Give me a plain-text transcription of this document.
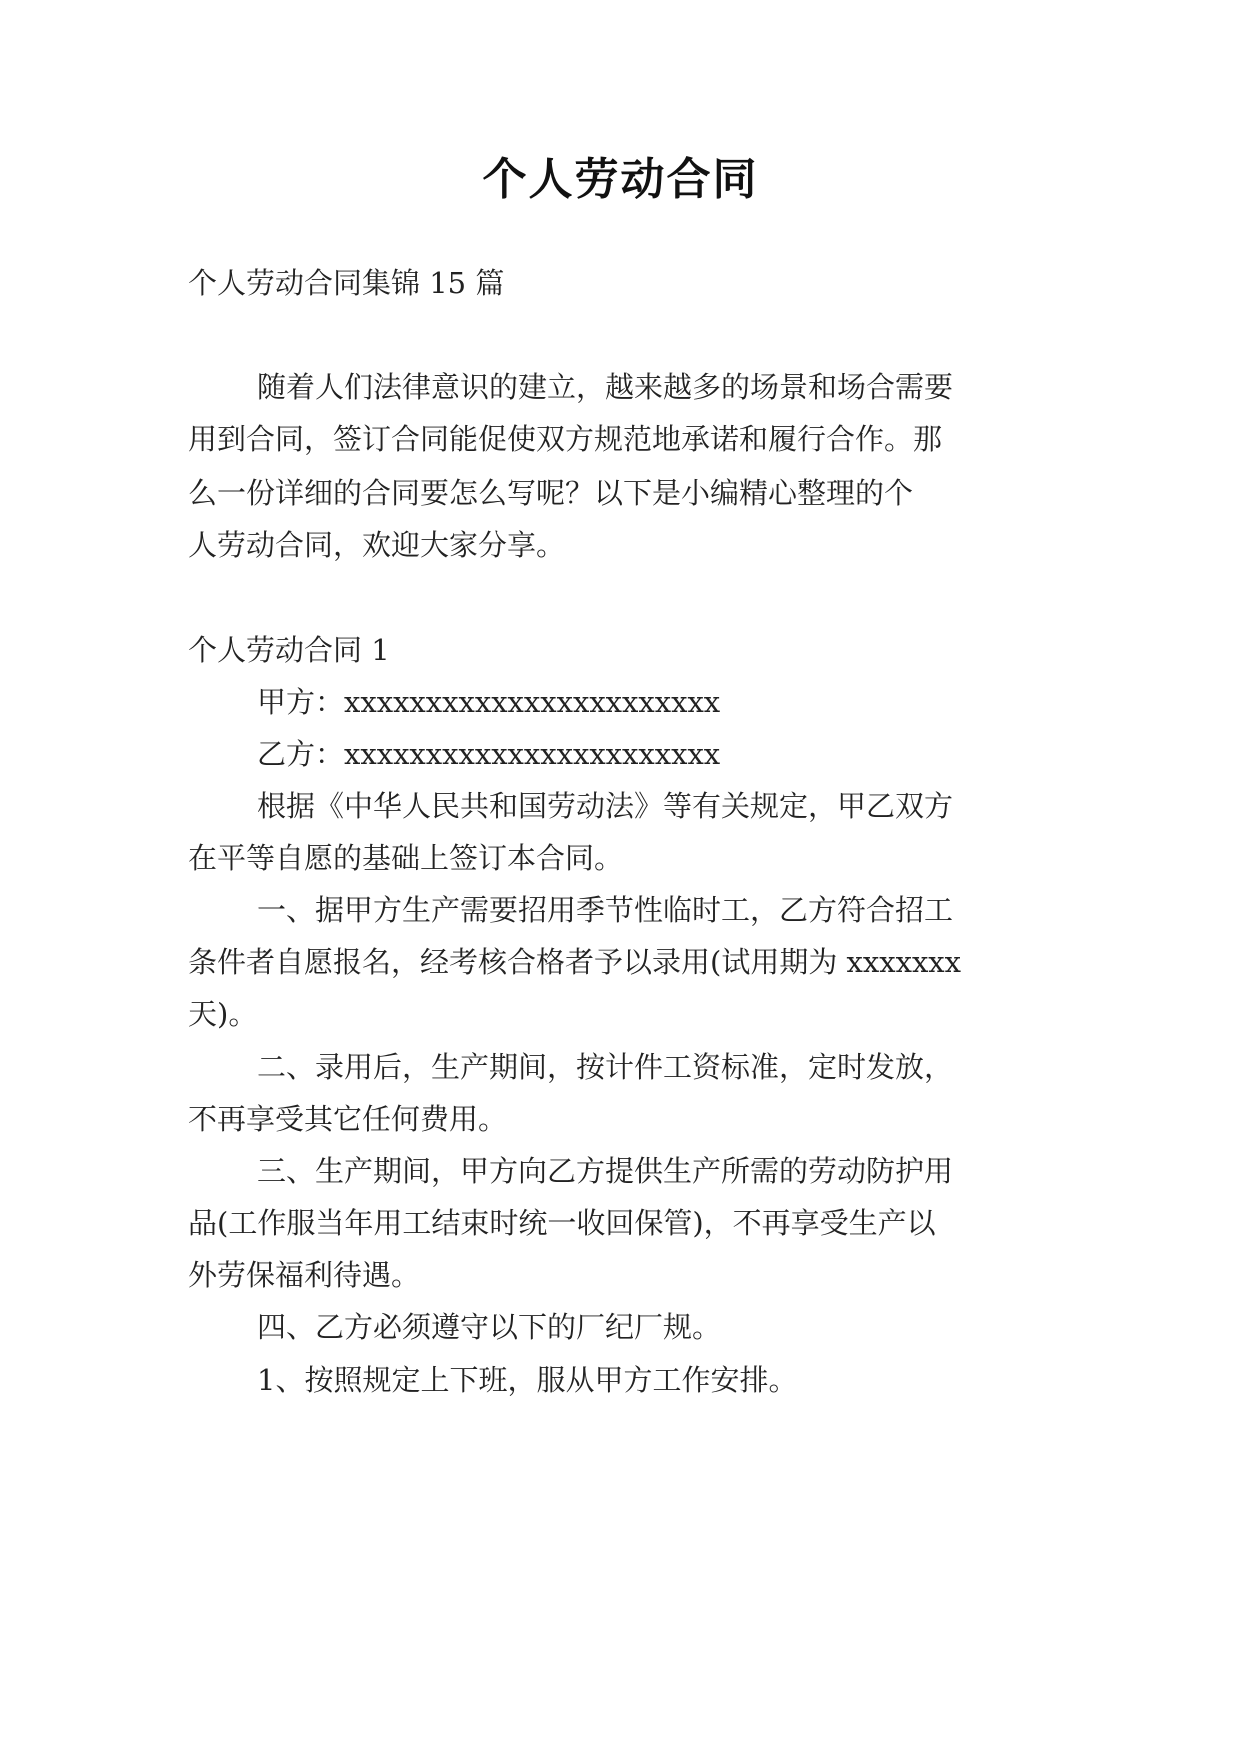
个人劳动合同
个人劳动合同集锦 15 篇
随着人们法律意识的建立，越来越多的场景和场合需要
用到合同，签订合同能促使双方规范地承诺和履行合作。那
么一份详细的合同要怎么写呢？以下是小编精心整理的个
人劳动合同，欢迎大家分享。
个人劳动合同 1
甲方：xxxxxxxxxxxxxxxxxxxxxxx
乙方：xxxxxxxxxxxxxxxxxxxxxxx
根据《中华人民共和国劳动法》等有关规定，甲乙双方
在平等自愿的基础上签订本合同。
一、据甲方生产需要招用季节性临时工，乙方符合招工
条件者自愿报名，经考核合格者予以录用(试用期为 xxxxxxx
天)。
二、录用后，生产期间，按计件工资标准，定时发放，
不再享受其它任何费用。
三、生产期间，甲方向乙方提供生产所需的劳动防护用
品(工作服当年用工结束时统一收回保管)，不再享受生产以
外劳保福利待遇。
四、乙方必须遵守以下的厂纪厂规。
1、按照规定上下班，服从甲方工作安排。
